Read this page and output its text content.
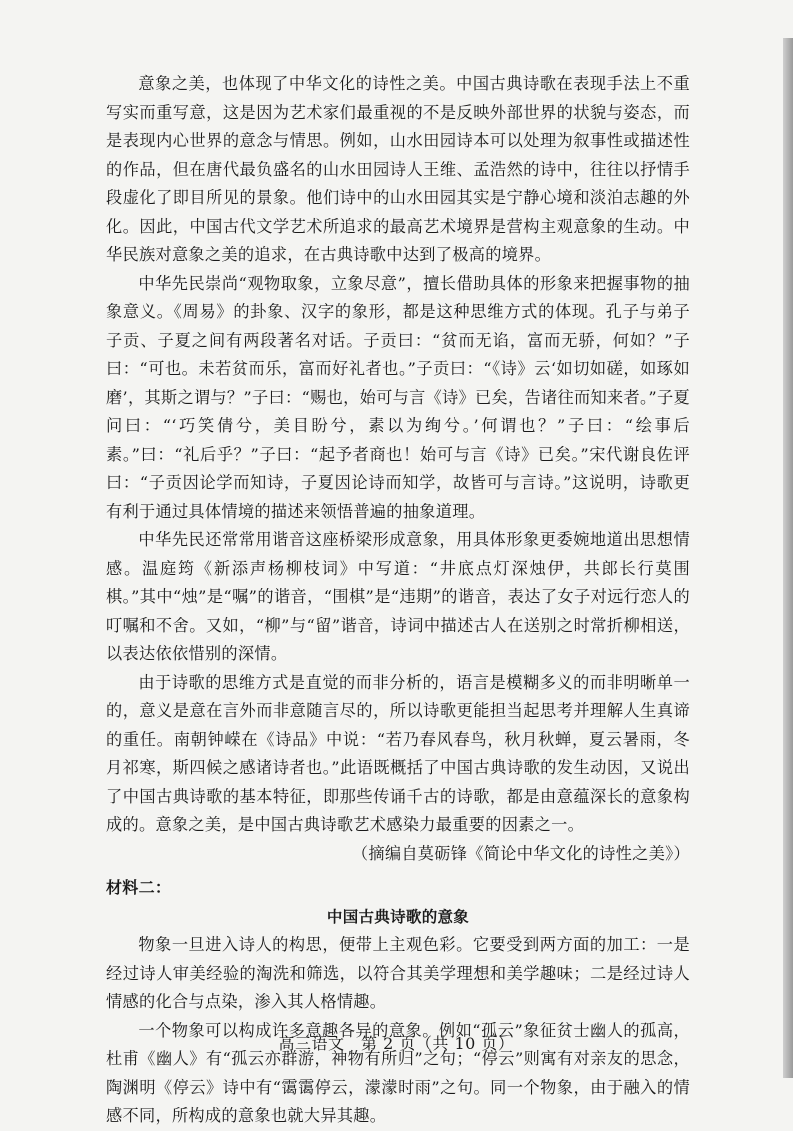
意象之美，也体现了中华文化的诗性之美。中国古典诗歌在表现手法上不重写实而重写意，这是因为艺术家们最重视的不是反映外部世界的状貌与姿态，而是表现内心世界的意念与情思。例如，山水田园诗本可以处理为叙事性或描述性的作品，但在唐代最负盛名的山水田园诗人王维、孟浩然的诗中，往往以抒情手段虚化了即目所见的景象。他们诗中的山水田园其实是宁静心境和淡泊志趣的外化。因此，中国古代文学艺术所追求的最高艺术境界是营构主观意象的生动。中华民族对意象之美的追求，在古典诗歌中达到了极高的境界。

中华先民崇尚“观物取象，立象尽意”，擅长借助具体的形象来把握事物的抽象意义。《周易》的卦象、汉字的象形，都是这种思维方式的体现。孔子与弟子子贡、子夏之间有两段著名对话。子贡曰：“贫而无谄，富而无骄，何如？”子曰：“可也。未若贫而乐，富而好礼者也。”子贡曰：“《诗》云‘如切如磋，如琢如磨’，其斯之谓与？”子曰：“赐也，始可与言《诗》已矣，告诸往而知来者。”子夏问曰：“‘巧笑倩兮，美目盼兮，素以为绚兮。’何谓也？”子曰：“绘事后素。”曰：“礼后乎？”子曰：“起予者商也！始可与言《诗》已矣。”宋代谢良佐评曰：“子贡因论学而知诗，子夏因论诗而知学，故皆可与言诗。”这说明，诗歌更有利于通过具体情境的描述来领悟普遍的抽象道理。

中华先民还常常用谐音这座桥梁形成意象，用具体形象更委婉地道出思想情感。温庭筠《新添声杨柳枝词》中写道：“井底点灯深烛伊，共郎长行莫围棋。”其中“烛”是“嘱”的谐音，“围棋”是“违期”的谐音，表达了女子对远行恋人的叮嘱和不舍。又如，“柳”与“留”谐音，诗词中描述古人在送别之时常折柳相送，以表达依依惜别的深情。

由于诗歌的思维方式是直觉的而非分析的，语言是模糊多义的而非明晰单一的，意义是意在言外而非意随言尽的，所以诗歌更能担当起思考并理解人生真谛的重任。南朝钟嵘在《诗品》中说：“若乃春风春鸟，秋月秋蝉，夏云暑雨，冬月祁寒，斯四候之感诸诗者也。”此语既概括了中国古典诗歌的发生动因，又说出了中国古典诗歌的基本特征，即那些传诵千古的诗歌，都是由意蕴深长的意象构成的。意象之美，是中国古典诗歌艺术感染力最重要的因素之一。

（摘编自莫砺锋《简论中华文化的诗性之美》）

材料二：

中国古典诗歌的意象

物象一旦进入诗人的构思，便带上主观色彩。它要受到两方面的加工：一是经过诗人审美经验的淘洗和筛选，以符合其美学理想和美学趣味；二是经过诗人情感的化合与点染，渗入其人格情趣。

一个物象可以构成许多意趣各异的意象。例如“孤云”象征贫士幽人的孤高，杜甫《幽人》有“孤云亦群游，神物有所归”之句；“停云”则寓有对亲友的思念，陶渊明《停云》诗中有“霭霭停云，濛濛时雨”之句。同一个物象，由于融入的情感不同，所构成的意象也就大异其趣。

高三语文　第 2 页（共 10 页）
